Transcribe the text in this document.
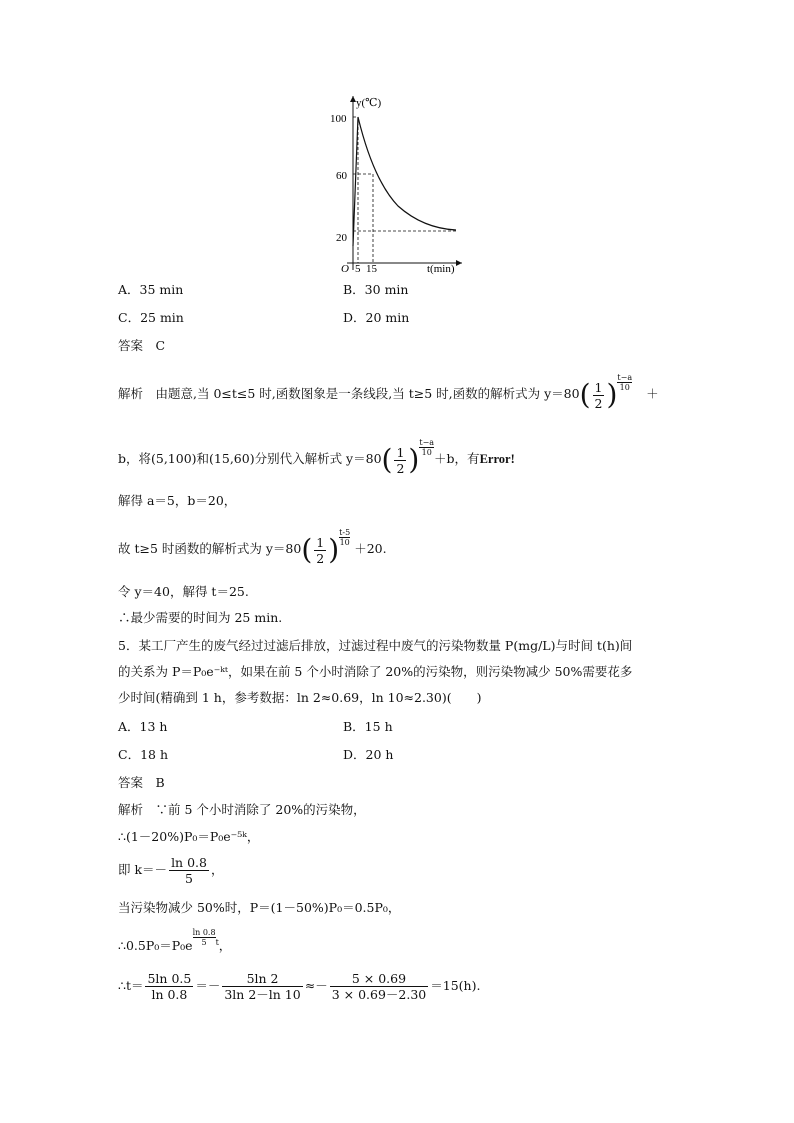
y(℃)
t(min)
O
100
60
20
5 15
A．35 min	B．30 min
C．25 min	D．20 min
答案　C
解析　由题意,当 0≤t≤5 时,函数图象是一条线段,当 t≥5 时,函数的解析式为 $y=80( \frac{1}{2}$ ) $\frac{t-a}{10}$
＋
b，将(5,100)和(15,60)分别代入解析式 $y=80( \frac{1}{2}$ ) $\frac{t-a}{10}$
＋b，有Error!
解得 a＝5，b＝20，
故 t≥5 时函数的解析式为 $y=80( \frac{1}{2}$ ) $\frac{t-5}{10}$
＋20.
令 y＝40，解得 t＝25.
∴最少需要的时间为 25 min.
5．某工厂产生的废气经过过滤后排放，过滤过程中废气的污染物数量 P(mg/L)与时间 t(h)间
的关系为 P＝P₀e⁻ᵏᵗ，如果在前 5 个小时消除了 20%的污染物，则污染物减少 50%需要花多
少时间(精确到 1 h，参考数据：ln 2≈0.69，ln 10≈2.30)(　　)
A．13 h	B．15 h
C．18 h	D．20 h
答案　B
解析　∵前 5 个小时消除了 20%的污染物，
∴(1－20%)P₀＝P₀e⁻⁵ᵏ，
即 $k=- \frac{\ln 0.8}{5}$ ，
当污染物减少 50%时，P＝(1－50%)P₀＝0.5P₀，
∴0.5P₀＝P₀e $\frac{\ln 0.8}{5} ^t$，
∴t＝ $\frac{5\ln 0.5}{\ln 0.8} =- \frac{5\ln 2}{3\ln 2-\ln 10} \approx- \frac{5 \times 0.69}{3 \times 0.69-2.30} =15(h)$.
